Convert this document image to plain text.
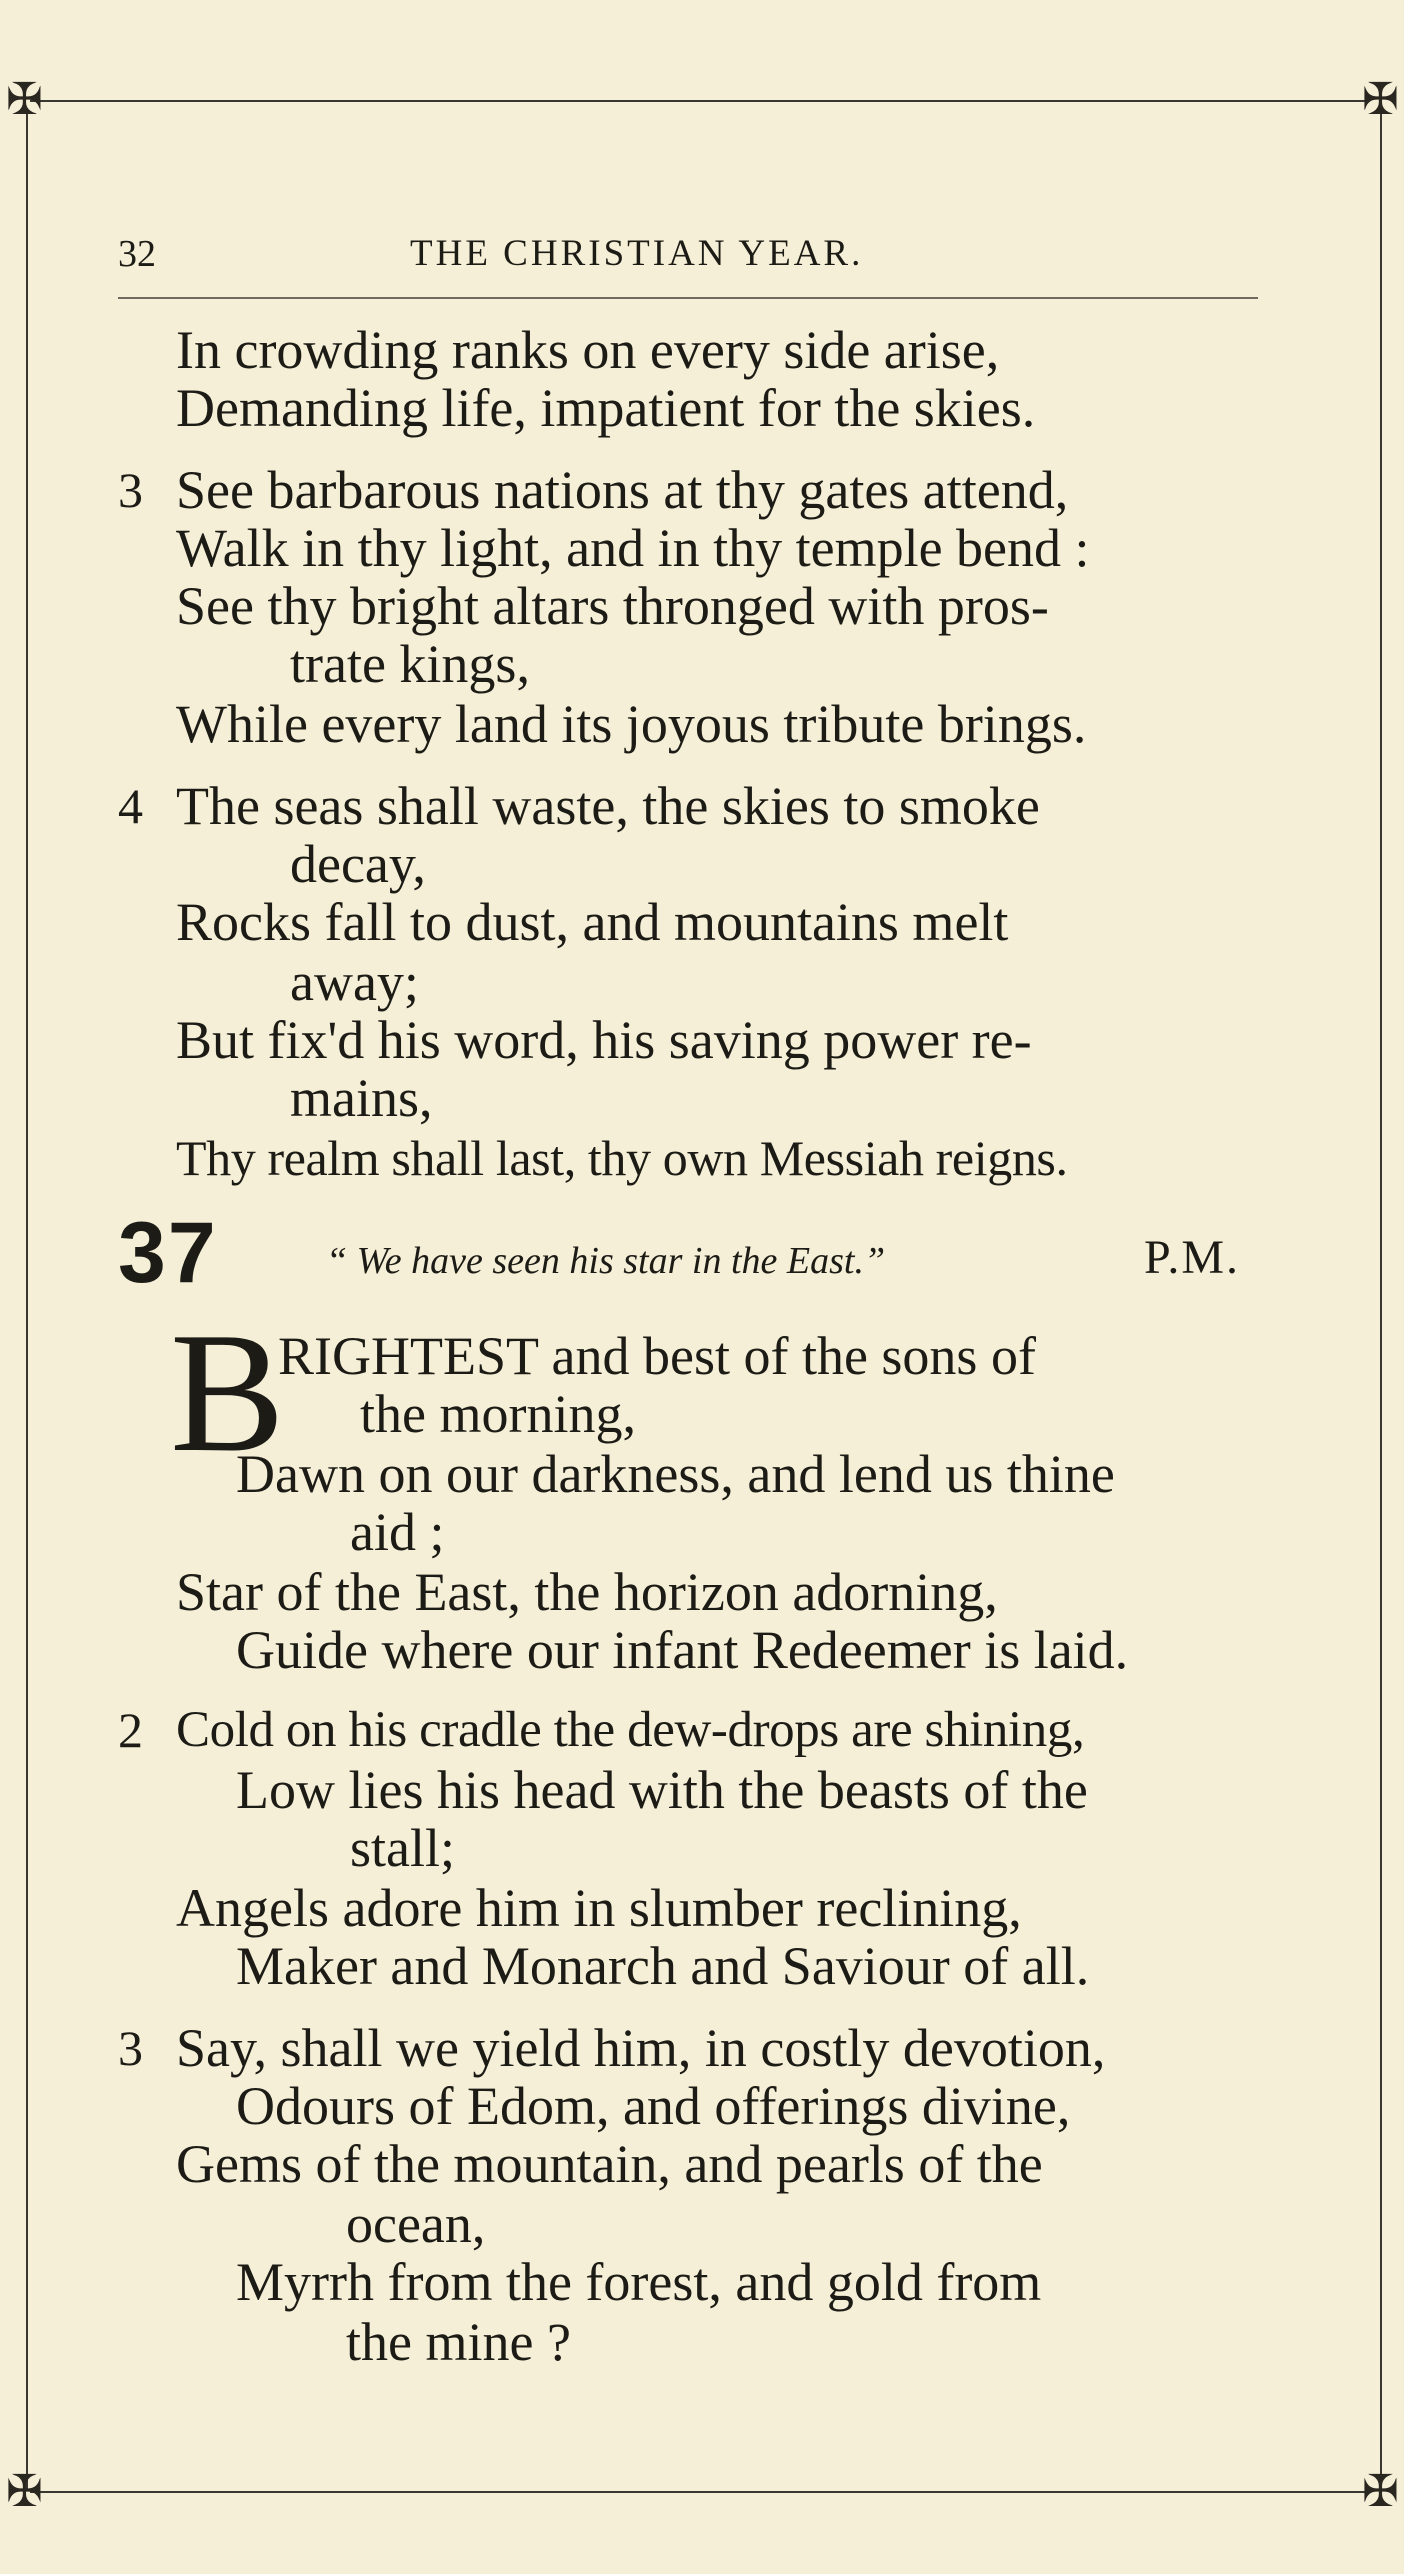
✠	✠
✠	✠
32	THE CHRISTIAN YEAR.
In crowding ranks on every side arise,
Demanding life, impatient for the skies.
3 See barbarous nations at thy gates attend,
Walk in thy light, and in thy temple bend :
See thy bright altars thronged with pros-
trate kings,
While every land its joyous tribute brings.
4 The seas shall waste, the skies to smoke
decay,
Rocks fall to dust, and mountains melt
away;
But fix'd his word, his saving power re-
mains,
Thy realm shall last, thy own Messiah reigns.
37	“ We have seen his star in the East.”	P.M.
B
RIGHTEST and best of the sons of
the morning,
Dawn on our darkness, and lend us thine
aid ;
Star of the East, the horizon adorning,
Guide where our infant Redeemer is laid.
2 Cold on his cradle the dew-drops are shining,
Low lies his head with the beasts of the
stall;
Angels adore him in slumber reclining,
Maker and Monarch and Saviour of all.
3 Say, shall we yield him, in costly devotion,
Odours of Edom, and offerings divine,
Gems of the mountain, and pearls of the
ocean,
Myrrh from the forest, and gold from
the mine ?
